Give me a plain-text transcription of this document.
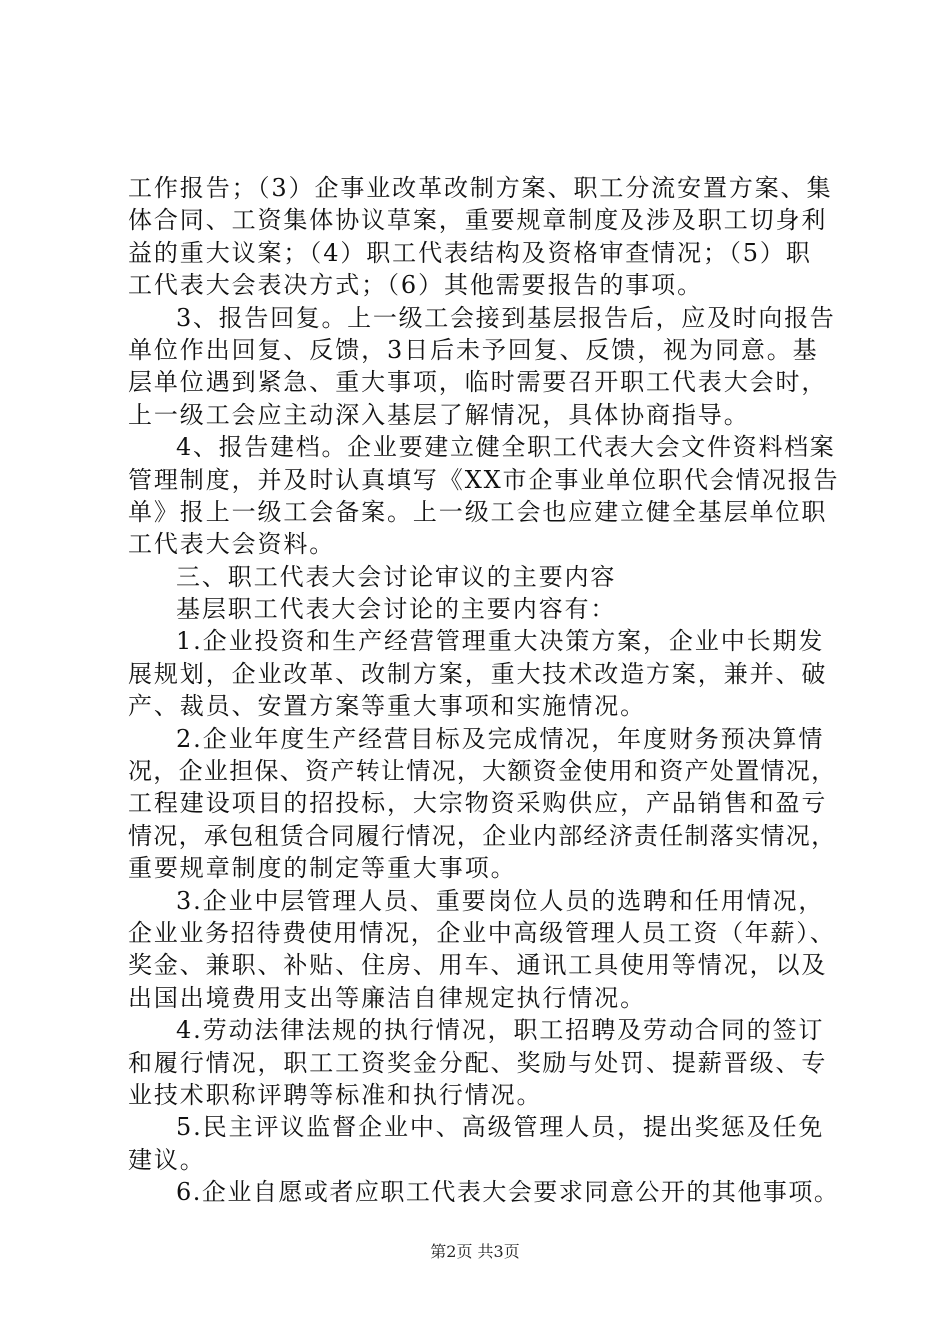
工作报告；（3）企事业改革改制方案、职工分流安置方案、集
体合同、工资集体协议草案，重要规章制度及涉及职工切身利
益的重大议案；（4）职工代表结构及资格审查情况；（5）职
工代表大会表决方式；（6）其他需要报告的事项。
3、报告回复。上一级工会接到基层报告后，应及时向报告
单位作出回复、反馈，3日后未予回复、反馈，视为同意。基
层单位遇到紧急、重大事项，临时需要召开职工代表大会时，
上一级工会应主动深入基层了解情况，具体协商指导。
4、报告建档。企业要建立健全职工代表大会文件资料档案
管理制度，并及时认真填写《XX市企事业单位职代会情况报告
单》报上一级工会备案。上一级工会也应建立健全基层单位职
工代表大会资料。
三、职工代表大会讨论审议的主要内容
基层职工代表大会讨论的主要内容有：
1.企业投资和生产经营管理重大决策方案，企业中长期发
展规划，企业改革、改制方案，重大技术改造方案，兼并、破
产、裁员、安置方案等重大事项和实施情况。
2.企业年度生产经营目标及完成情况，年度财务预决算情
况，企业担保、资产转让情况，大额资金使用和资产处置情况，
工程建设项目的招投标，大宗物资采购供应，产品销售和盈亏
情况，承包租赁合同履行情况，企业内部经济责任制落实情况，
重要规章制度的制定等重大事项。
3.企业中层管理人员、重要岗位人员的选聘和任用情况，
企业业务招待费使用情况，企业中高级管理人员工资（年薪）、
奖金、兼职、补贴、住房、用车、通讯工具使用等情况，以及
出国出境费用支出等廉洁自律规定执行情况。
4.劳动法律法规的执行情况，职工招聘及劳动合同的签订
和履行情况，职工工资奖金分配、奖励与处罚、提薪晋级、专
业技术职称评聘等标准和执行情况。
5.民主评议监督企业中、高级管理人员，提出奖惩及任免
建议。
6.企业自愿或者应职工代表大会要求同意公开的其他事项。
第2页 共3页
